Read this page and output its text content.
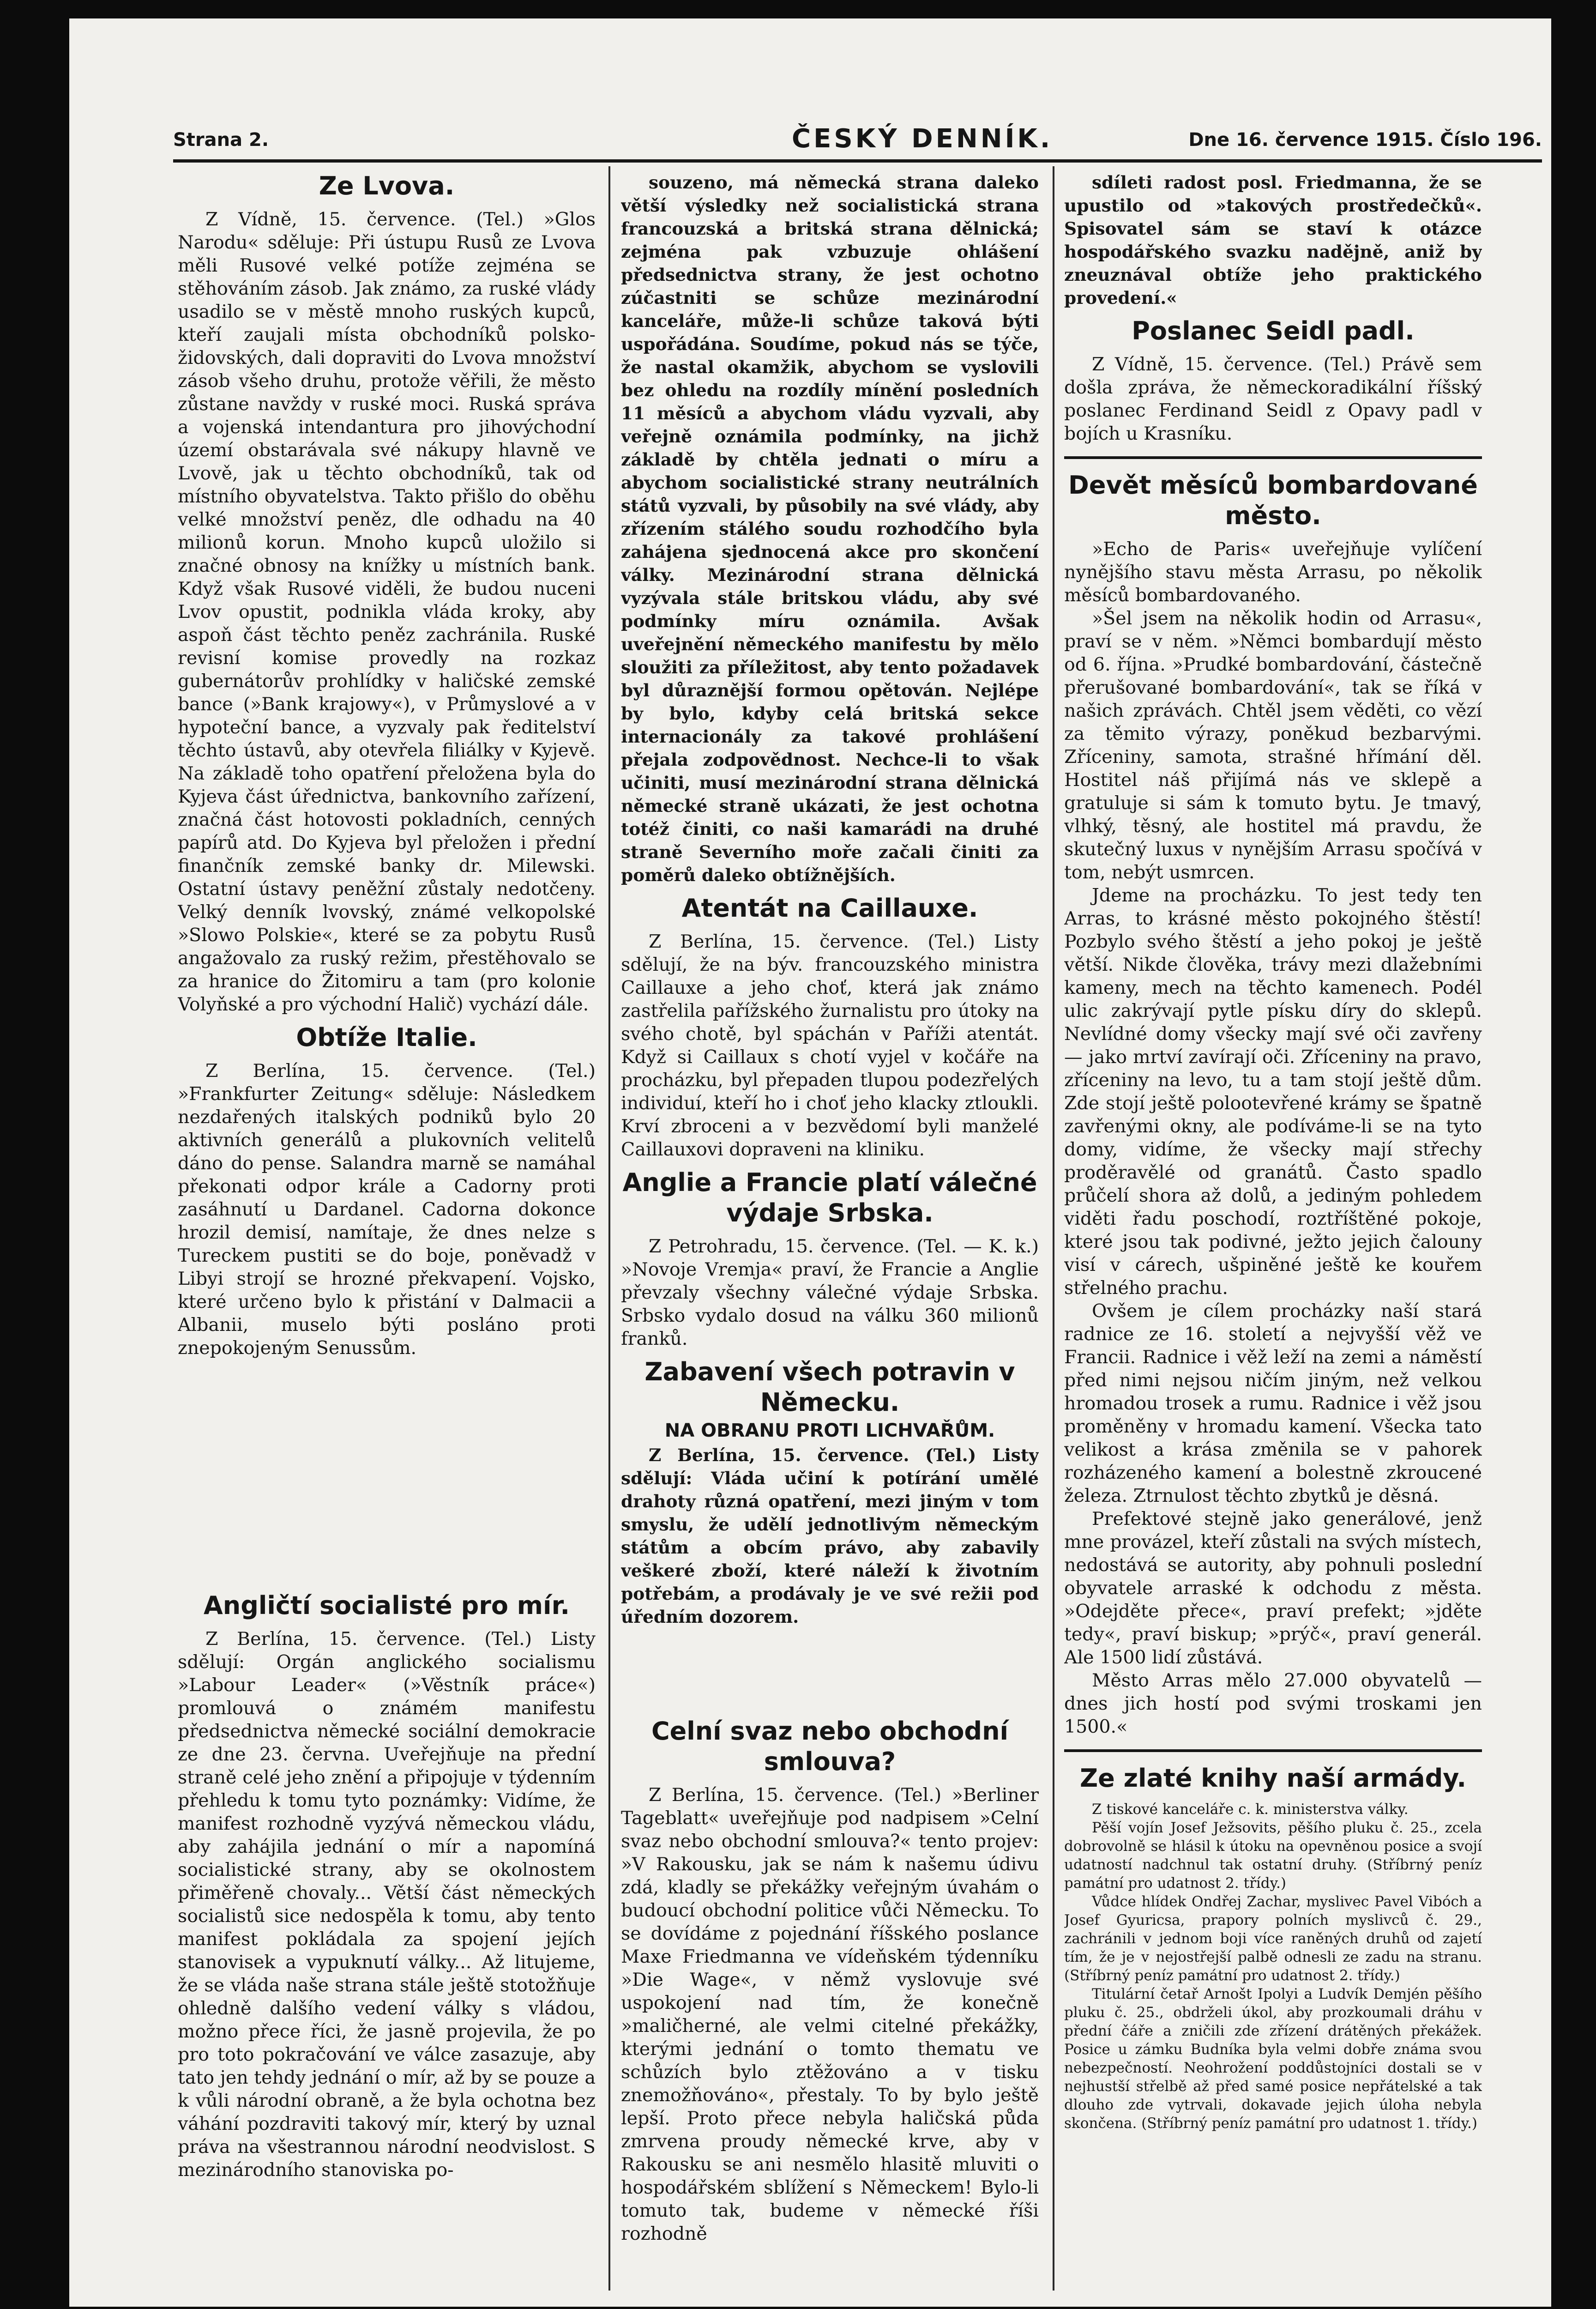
Strana 2.	ČESKÝ DENNÍK.	Dne 16. července 1915. Číslo 196.
Ze Lvova.

Z Vídně, 15. července. (Tel.) »Glos Narodu« sděluje: Při ústupu Rusů ze Lvova měli Rusové velké potíže zejména se stěhováním zásob. Jak známo, za ruské vlády usadilo se v městě mnoho ruských kupců, kteří zaujali místa obchodníků polsko-židovských, dali dopraviti do Lvova množství zásob všeho druhu, protože věřili, že město zůstane navždy v ruské moci. Ruská správa a vojenská intendantura pro jihovýchodní území obstarávala své nákupy hlavně ve Lvově, jak u těchto obchodníků, tak od místního obyvatelstva. Takto přišlo do oběhu velké množství peněz, dle odhadu na 40 milionů korun. Mnoho kupců uložilo si značné obnosy na knížky u místních bank. Když však Rusové viděli, že budou nuceni Lvov opustit, podnikla vláda kroky, aby aspoň část těchto peněz zachránila. Ruské revisní komise provedly na rozkaz gubernátorův prohlídky v haličské zemské bance (»Bank krajowy«), v Průmyslové a v hypoteční bance, a vyzvaly pak ředitelství těchto ústavů, aby otevřela filiálky v Kyjevě. Na základě toho opatření přeložena byla do Kyjeva část úřednictva, bankovního zařízení, značná část hotovosti pokladních, cenných papírů atd. Do Kyjeva byl přeložen i přední finančník zemské banky dr. Milewski. Ostatní ústavy peněžní zůstaly nedotčeny. Velký denník lvovský, známé velkopolské »Slowo Polskie«, které se za pobytu Rusů angažovalo za ruský režim, přestěhovalo se za hranice do Žitomiru a tam (pro kolonie Volyňské a pro východní Halič) vychází dále.

Obtíže Italie.

Z Berlína, 15. července. (Tel.) »Frankfurter Zeitung« sděluje: Následkem nezdařených italských podniků bylo 20 aktivních generálů a plukovních velitelů dáno do pense. Salandra marně se namáhal překonati odpor krále a Cadorny proti zasáhnutí u Dardanel. Cadorna dokonce hrozil demisí, namítaje, že dnes nelze s Tureckem pustiti se do boje, poněvadž v Libyi strojí se hrozné překvapení. Vojsko, které určeno bylo k přistání v Dalmacii a Albanii, muselo býti posláno proti znepokojeným Senussům.

Angličtí socialisté pro mír.

Z Berlína, 15. července. (Tel.) Listy sdělují: Orgán anglického socialismu »Labour Leader« (»Věstník práce«) promlouvá o známém manifestu předsednictva německé sociální demokracie ze dne 23. června. Uveřejňuje na přední straně celé jeho znění a připojuje v týdenním přehledu k tomu tyto poznámky: Vidíme, že manifest rozhodně vyzývá německou vládu, aby zahájila jednání o mír a napomíná socialistické strany, aby se okolnostem přiměřeně chovaly... Větší část německých socialistů sice nedospěla k tomu, aby tento manifest pokládala za spojení jejích stanovisek a vypuknutí války... Až litujeme, že se vláda naše strana stále ještě stotožňuje ohledně dalšího vedení války s vládou, možno přece říci, že jasně projevila, že po pro toto pokračování ve válce zasazuje, aby tato jen tehdy jednání o mír, až by se pouze a k vůli národní obraně, a že byla ochotna bez váhání pozdraviti takový mír, který by uznal práva na všestrannou národní neodvislost. S mezinárodního stanoviska po-

souzeno, má německá strana daleko větší výsledky než socialistická strana francouzská a britská strana dělnická; zejména pak vzbuzuje ohlášení předsednictva strany, že jest ochotno zúčastniti se schůze mezinárodní kanceláře, může-li schůze taková býti uspořádána. Soudíme, pokud nás se týče, že nastal okamžik, abychom se vyslovili bez ohledu na rozdíly mínění posledních 11 měsíců a abychom vládu vyzvali, aby veřejně oznámila podmínky, na jichž základě by chtěla jednati o míru a abychom socialistické strany neutrálních států vyzvali, by působily na své vlády, aby zřízením stálého soudu rozhodčího byla zahájena sjednocená akce pro skončení války. Mezinárodní strana dělnická vyzývala stále britskou vládu, aby své podmínky míru oznámila. Avšak uveřejnění německého manifestu by mělo sloužiti za příležitost, aby tento požadavek byl důraznější formou opětován. Nejlépe by bylo, kdyby celá britská sekce internacionály za takové prohlášení přejala zodpovědnost. Nechce-li to však učiniti, musí mezinárodní strana dělnická německé straně ukázati, že jest ochotna totéž činiti, co naši kamarádi na druhé straně Severního moře začali činiti za poměrů daleko obtížnějších.

Atentát na Caillauxe.

Z Berlína, 15. července. (Tel.) Listy sdělují, že na býv. francouzského ministra Caillauxe a jeho choť, která jak známo zastřelila pařížského žurnalistu pro útoky na svého chotě, byl spáchán v Paříži atentát. Když si Caillaux s chotí vyjel v kočáře na procházku, byl přepaden tlupou podezřelých individuí, kteří ho i choť jeho klacky ztloukli. Krví zbroceni a v bezvědomí byli manželé Caillauxovi dopraveni na kliniku.

Anglie a Francie platí válečné výdaje Srbska.

Z Petrohradu, 15. července. (Tel. — K. k.) »Novoje Vremja« praví, že Francie a Anglie převzaly všechny válečné výdaje Srbska. Srbsko vydalo dosud na válku 360 milionů franků.

Zabavení všech potravin v Německu.
NA OBRANU PROTI LICHVAŘŮM.

Z Berlína, 15. července. (Tel.) Listy sdělují: Vláda učiní k potírání umělé drahoty různá opatření, mezi jiným v tom smyslu, že udělí jednotlivým německým státům a obcím právo, aby zabavily veškeré zboží, které náleží k životním potřebám, a prodávaly je ve své režii pod úředním dozorem.

Celní svaz nebo obchodní smlouva?

Z Berlína, 15. července. (Tel.) »Berliner Tageblatt« uveřejňuje pod nadpisem »Celní svaz nebo obchodní smlouva?« tento projev: »V Rakousku, jak se nám k našemu údivu zdá, kladly se překážky veřejným úvahám o budoucí obchodní politice vůči Německu. To se dovídáme z pojednání říšského poslance Maxe Friedmanna ve vídeňském týdenníku »Die Wage«, v němž vyslovuje své uspokojení nad tím, že konečně »maličherné, ale velmi citelné překážky, kterými jednání o tomto thematu ve schůzích bylo ztěžováno a v tisku znemožňováno«, přestaly. To by bylo ještě lepší. Proto přece nebyla haličská půda zmrvena proudy německé krve, aby v Rakousku se ani nesmělo hlasitě mluviti o hospodářském sblížení s Německem! Bylo-li tomuto tak, budeme v německé říši rozhodně

sdíleti radost posl. Friedmanna, že se upustilo od »takových prostředečků«. Spisovatel sám se staví k otázce hospodářského svazku nadějně, aniž by zneuznával obtíže jeho praktického provedení.«

Poslanec Seidl padl.

Z Vídně, 15. července. (Tel.) Právě sem došla zpráva, že německoradikální říšský poslanec Ferdinand Seidl z Opavy padl v bojích u Krasníku.

Devět měsíců bombardované město.

»Echo de Paris« uveřejňuje vylíčení nynějšího stavu města Arrasu, po několik měsíců bombardovaného.

»Šel jsem na několik hodin od Arrasu«, praví se v něm. »Němci bombardují město od 6. října. »Prudké bombardování, částečně přerušované bombardování«, tak se říká v našich zprávách. Chtěl jsem věděti, co vězí za těmito výrazy, poněkud bezbarvými. Zříceniny, samota, strašné hřímání děl. Hostitel náš přijímá nás ve sklepě a gratuluje si sám k tomuto bytu. Je tmavý, vlhký, těsný, ale hostitel má pravdu, že skutečný luxus v nynějším Arrasu spočívá v tom, nebýt usmrcen.

Jdeme na procházku. To jest tedy ten Arras, to krásné město pokojného štěstí! Pozbylo svého štěstí a jeho pokoj je ještě větší. Nikde člověka, trávy mezi dlažebními kameny, mech na těchto kamenech. Podél ulic zakrývají pytle písku díry do sklepů. Nevlídné domy všecky mají své oči zavřeny — jako mrtví zavírají oči. Zříceniny na pravo, zříceniny na levo, tu a tam stojí ještě dům. Zde stojí ještě polootevřené krámy se špatně zavřenými okny, ale podíváme-li se na tyto domy, vidíme, že všecky mají střechy proděravělé od granátů. Často spadlo průčelí shora až dolů, a jediným pohledem viděti řadu poschodí, roztříštěné pokoje, které jsou tak podivné, ježto jejich čalouny visí v cárech, ušpiněné ještě ke kouřem střelného prachu.

Ovšem je cílem procházky naší stará radnice ze 16. století a nejvyšší věž ve Francii. Radnice i věž leží na zemi a náměstí před nimi nejsou ničím jiným, než velkou hromadou trosek a rumu. Radnice i věž jsou proměněny v hromadu kamení. Všecka tato velikost a krása změnila se v pahorek rozházeného kamení a bolestně zkroucené železa. Ztrnulost těchto zbytků je děsná.

Prefektové stejně jako generálové, jenž mne provázel, kteří zůstali na svých místech, nedostává se autority, aby pohnuli poslední obyvatele arraské k odchodu z města. »Odejděte přece«, praví prefekt; »jděte tedy«, praví biskup; »prýč«, praví generál. Ale 1500 lidí zůstává.

Město Arras mělo 27.000 obyvatelů — dnes jich hostí pod svými troskami jen 1500.«

Ze zlaté knihy naší armády.

Z tiskové kanceláře c. k. ministerstva války.

Pěší vojín Josef Ježsovits, pěšího pluku č. 25., zcela dobrovolně se hlásil k útoku na opevněnou posice a svojí udatností nadchnul tak ostatní druhy. (Stříbrný peníz památní pro udatnost 2. třídy.)

Vůdce hlídek Ondřej Zachar, myslivec Pavel Vibóch a Josef Gyuricsa, prapory polních myslivců č. 29., zachránili v jednom boji více raněných druhů od zajetí tím, že je v nejostřejší palbě odnesli ze zadu na stranu. (Stříbrný peníz památní pro udatnost 2. třídy.)

Titulární četař Arnošt Ipolyi a Ludvík Demjén pěšího pluku č. 25., obdrželi úkol, aby prozkoumali dráhu v přední čáře a zničili zde zřízení drátěných překážek. Posice u zámku Budníka byla velmi dobře známa svou nebezpečností. Neohrožení poddůstojníci dostali se v nejhustší střelbě až před samé posice nepřátelské a tak dlouho zde vytrvali, dokavade jejich úloha nebyla skončena. (Stříbrný peníz památní pro udatnost 1. třídy.)
